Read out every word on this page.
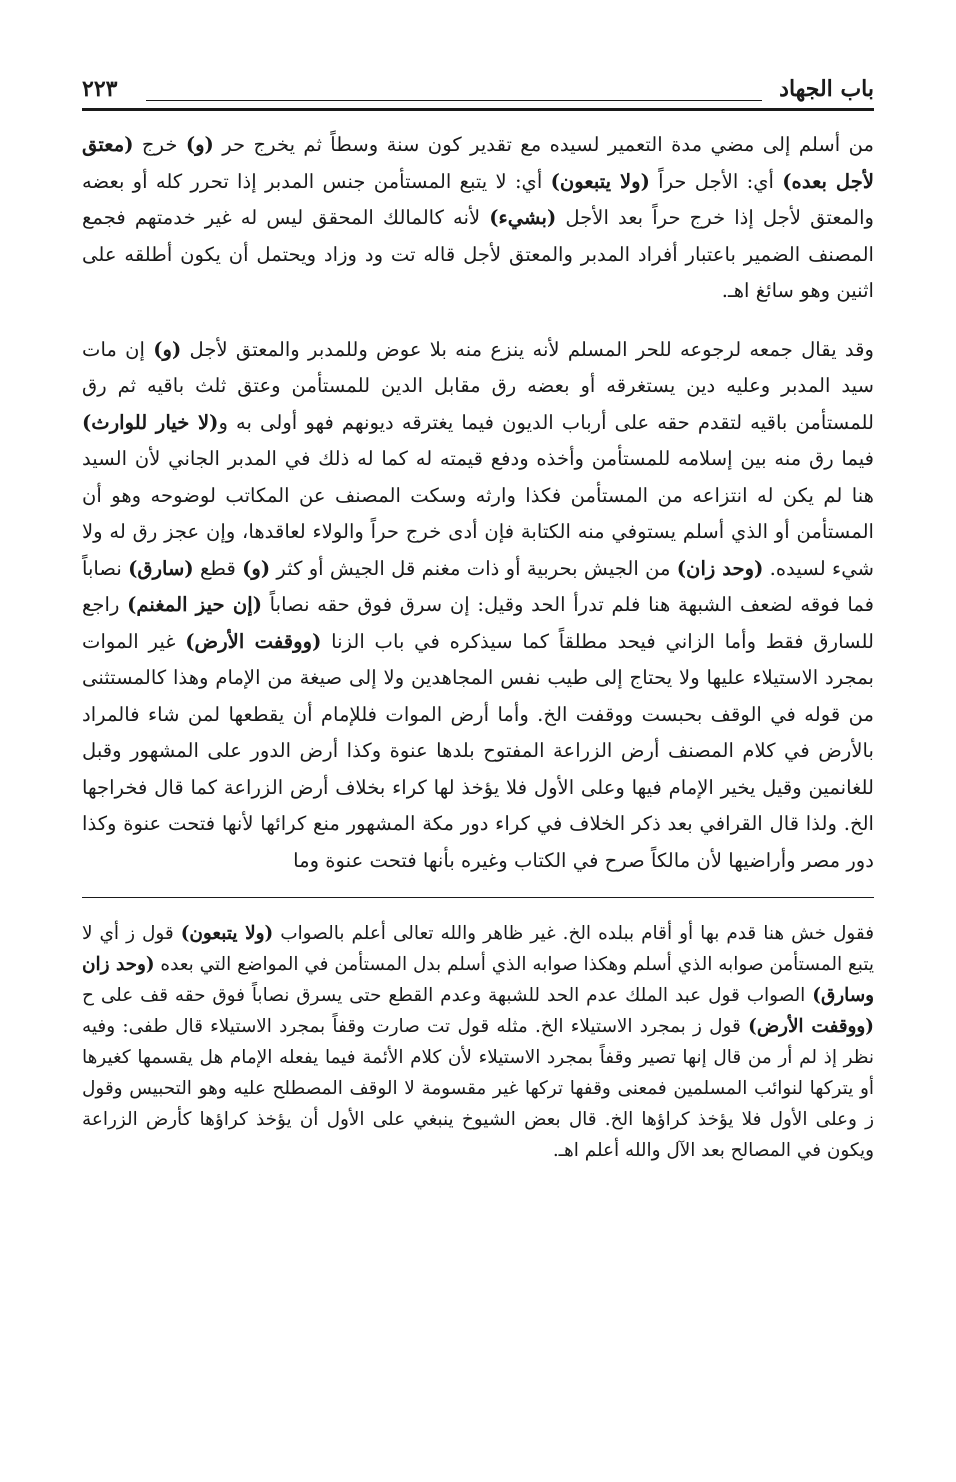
باب الجهاد
٢٢٣

من أسلم إلى مضي مدة التعمير لسيده مع تقدير كون سنة وسطاً ثم يخرج حر (و) خرج (معتق لأجل بعده) أي: الأجل حراً (ولا يتبعون) أي: لا يتبع المستأمن جنس المدبر إذا تحرر كله أو بعضه والمعتق لأجل إذا خرج حراً بعد الأجل (بشيء) لأنه كالمالك المحقق ليس له غير خدمتهم فجمع المصنف الضمير باعتبار أفراد المدبر والمعتق لأجل قاله تت ود وزاد ويحتمل أن يكون أطلقه على اثنين وهو سائغ اهـ.

وقد يقال جمعه لرجوعه للحر المسلم لأنه ينزع منه بلا عوض وللمدبر والمعتق لأجل (و) إن مات سيد المدبر وعليه دين يستغرقه أو بعضه رق مقابل الدين للمستأمن وعتق ثلث باقيه ثم رق للمستأمن باقيه لتقدم حقه على أرباب الديون فيما يغترقه ديونهم فهو أولى به و(لا خيار للوارث) فيما رق منه بين إسلامه للمستأمن وأخذه ودفع قيمته له كما له ذلك في المدبر الجاني لأن السيد هنا لم يكن له انتزاعه من المستأمن فكذا وارثه وسكت المصنف عن المكاتب لوضوحه وهو أن المستأمن أو الذي أسلم يستوفي منه الكتابة فإن أدى خرج حراً والولاء لعاقدها، وإن عجز رق له ولا شيء لسيده. (وحد زان) من الجيش بحربية أو ذات مغنم قل الجيش أو كثر (و) قطع (سارق) نصاباً فما فوقه لضعف الشبهة هنا فلم تدرأ الحد وقيل: إن سرق فوق حقه نصاباً (إن حيز المغنم) راجع للسارق فقط وأما الزاني فيحد مطلقاً كما سيذكره في باب الزنا (ووقفت الأرض) غير الموات بمجرد الاستيلاء عليها ولا يحتاج إلى طيب نفس المجاهدين ولا إلى صيغة من الإمام وهذا كالمستثنى من قوله في الوقف بحبست ووقفت الخ. وأما أرض الموات فللإمام أن يقطعها لمن شاء فالمراد بالأرض في كلام المصنف أرض الزراعة المفتوح بلدها عنوة وكذا أرض الدور على المشهور وقبل للغانمين وقيل يخير الإمام فيها وعلى الأول فلا يؤخذ لها كراء بخلاف أرض الزراعة كما قال فخراجها الخ. ولذا قال القرافي بعد ذكر الخلاف في كراء دور مكة المشهور منع كرائها لأنها فتحت عنوة وكذا دور مصر وأراضيها لأن مالكاً صرح في الكتاب وغيره بأنها فتحت عنوة وما

فقول خش هنا قدم بها أو أقام ببلده الخ. غير ظاهر والله تعالى أعلم بالصواب (ولا يتبعون) قول ز أي لا يتبع المستأمن صوابه الذي أسلم وهكذا صوابه الذي أسلم بدل المستأمن في المواضع التي بعده (وحد زان وسارق) الصواب قول عبد الملك عدم الحد للشبهة وعدم القطع حتى يسرق نصاباً فوق حقه قف على ح (ووقفت الأرض) قول ز بمجرد الاستيلاء الخ. مثله قول تت صارت وقفاً بمجرد الاستيلاء قال طفى: وفيه نظر إذ لم أر من قال إنها تصير وقفاً بمجرد الاستيلاء لأن كلام الأئمة فيما يفعله الإمام هل يقسمها كغيرها أو يتركها لنوائب المسلمين فمعنى وقفها تركها غير مقسومة لا الوقف المصطلح عليه وهو التحبيس وقول ز وعلى الأول فلا يؤخذ كراؤها الخ. قال بعض الشيوخ ينبغي على الأول أن يؤخذ كراؤها كأرض الزراعة ويكون في المصالح بعد الآل والله أعلم اهـ.
